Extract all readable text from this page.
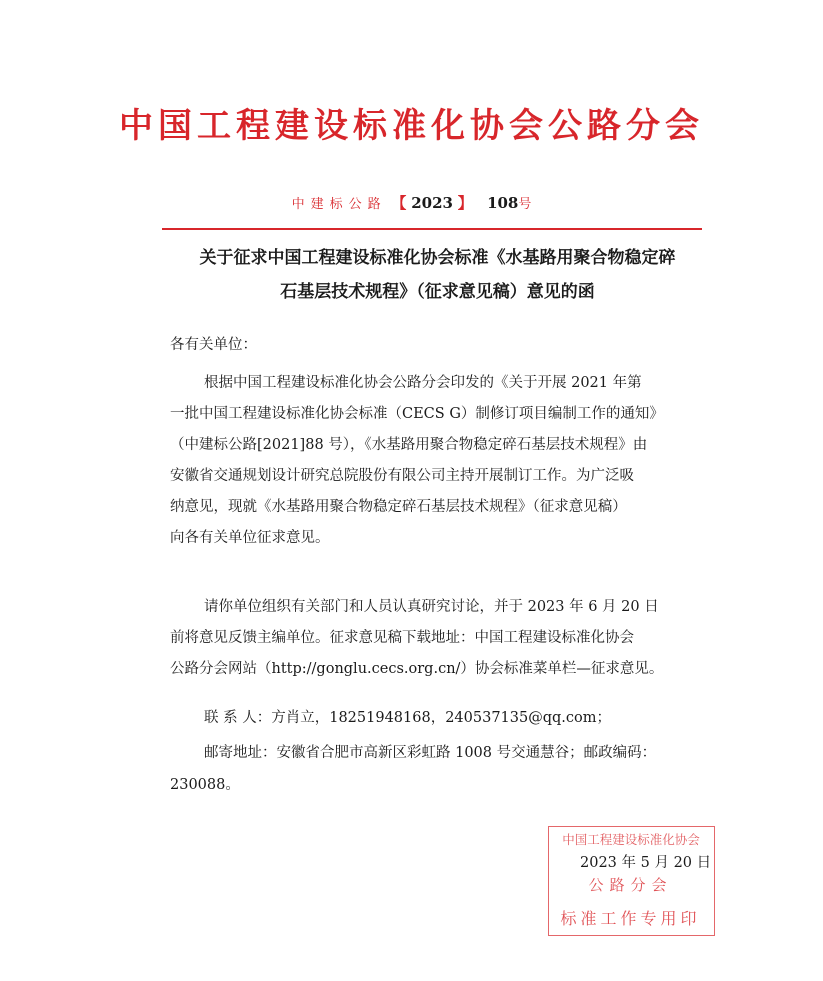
中国工程建设标准化协会公路分会
中建标公路 【 2023 】 108号
关于征求中国工程建设标准化协会标准《水基路用聚合物稳定碎
石基层技术规程》（征求意见稿）意见的函
各有关单位：
根据中国工程建设标准化协会公路分会印发的《关于开展 2021 年第
一批中国工程建设标准化协会标准（CECS G）制修订项目编制工作的通知》
（中建标公路[2021]88 号），《水基路用聚合物稳定碎石基层技术规程》由
安徽省交通规划设计研究总院股份有限公司主持开展制订工作。为广泛吸
纳意见，现就《水基路用聚合物稳定碎石基层技术规程》（征求意见稿）
向各有关单位征求意见。
请你单位组织有关部门和人员认真研究讨论，并于 2023 年 6 月 20 日
前将意见反馈主编单位。征求意见稿下载地址：中国工程建设标准化协会
公路分会网站（http://gonglu.cecs.org.cn/）协会标准菜单栏—征求意见。
联 系 人：方肖立，18251948168，240537135@qq.com；
邮寄地址：安徽省合肥市高新区彩虹路 1008 号交通慧谷；邮政编码：
230088。
中国工程建设标准化协会
公路分会
标准工作专用印
2023 年 5 月 20 日
